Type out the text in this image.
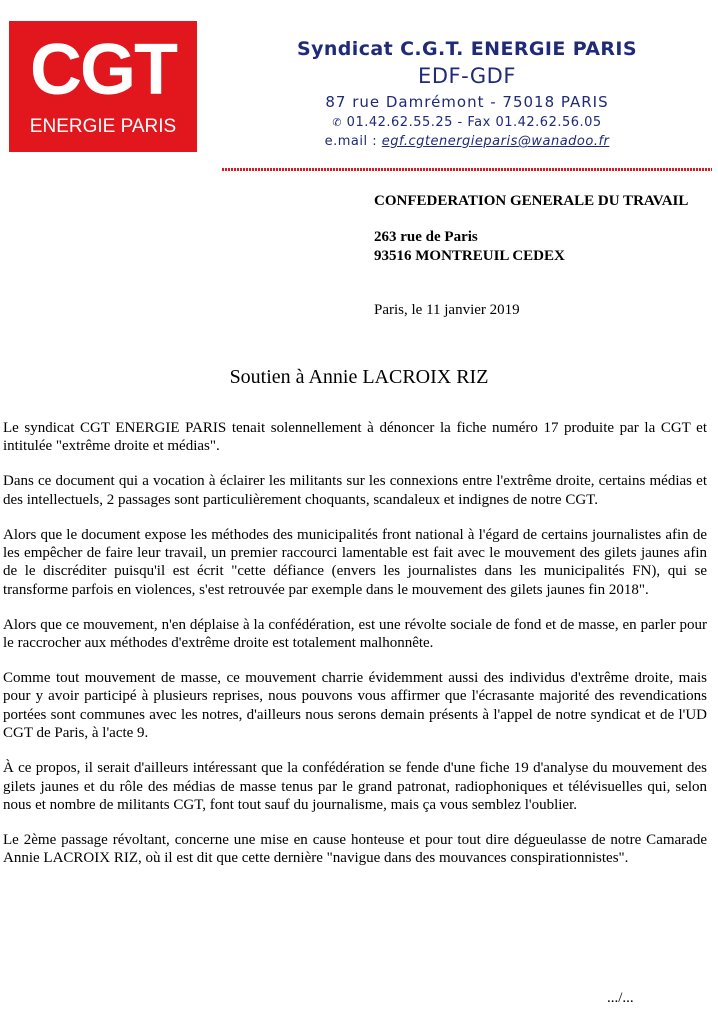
CGT
ENERGIE PARIS
Syndicat C.G.T. ENERGIE PARIS
EDF-GDF
87 rue Damrémont - 75018 PARIS
✆ 01.42.62.55.25 - Fax 01.42.62.56.05
e.mail : egf.cgtenergieparis@wanadoo.fr
CONFEDERATION GENERALE DU TRAVAIL
263 rue de Paris
93516 MONTREUIL CEDEX
Paris, le 11 janvier 2019
Soutien à Annie LACROIX RIZ

Le syndicat CGT ENERGIE PARIS tenait solennellement à dénoncer la fiche numéro 17 produite par la CGT et intitulée "extrême droite et médias".

Dans ce document qui a vocation à éclairer les militants sur les connexions entre l'extrême droite, certains médias et des intellectuels, 2 passages sont particulièrement choquants, scandaleux et indignes de notre CGT.

Alors que le document expose les méthodes des municipalités front national à l'égard de certains journalistes afin de les empêcher de faire leur travail, un premier raccourci lamentable est fait avec le mouvement des gilets jaunes afin de le discréditer puisqu'il est écrit "cette défiance (envers les journalistes dans les municipalités FN), qui se transforme parfois en violences, s'est retrouvée par exemple dans le mouvement des gilets jaunes fin 2018".

Alors que ce mouvement, n'en déplaise à la confédération, est une révolte sociale de fond et de masse, en parler pour le raccrocher aux méthodes d'extrême droite est totalement malhonnête.

Comme tout mouvement de masse, ce mouvement charrie évidemment aussi des individus d'extrême droite, mais pour y avoir participé à plusieurs reprises, nous pouvons vous affirmer que l'écrasante majorité des revendications portées sont communes avec les notres, d'ailleurs nous serons demain présents à l'appel de notre syndicat et de l'UD CGT de Paris, à l'acte 9.

À ce propos, il serait d'ailleurs intéressant que la confédération se fende d'une fiche 19 d'analyse du mouvement des gilets jaunes et du rôle des médias de masse tenus par le grand patronat, radiophoniques et télévisuelles qui, selon nous et nombre de militants CGT, font tout sauf du journalisme, mais ça vous semblez l'oublier.

Le 2ème passage révoltant, concerne une mise en cause honteuse et pour tout dire dégueulasse de notre Camarade Annie LACROIX RIZ, où il est dit que cette dernière "navigue dans des mouvances conspirationnistes".

.../...
